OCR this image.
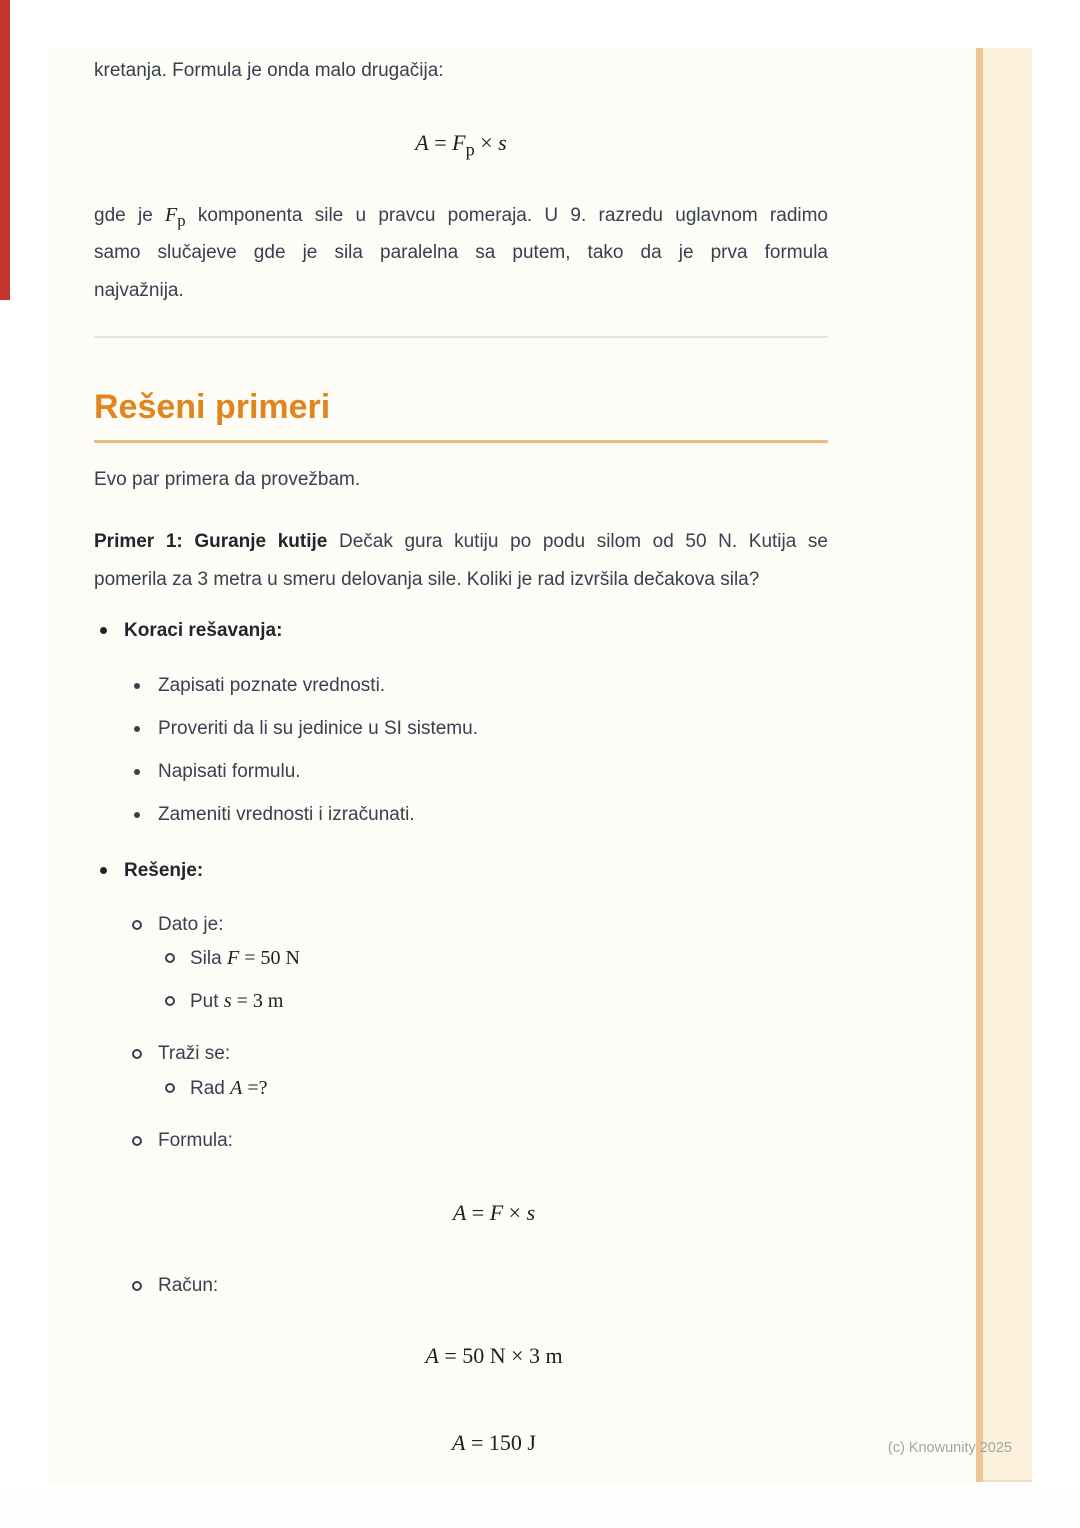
kretanja. Formula je onda malo drugačija:

$A = F_p \times s$
gde je $F_p$ komponenta sile u pravcu pomeraja. U 9. razredu uglavnom radimo
samo slučajeve gde je sila paralelna sa putem, tako da je prva formula
najvažnija.
Rešeni primeri

Evo par primera da provežbam.

Primer 1: Guranje kutije Dečak gura kutiju po podu silom od 50 N. Kutija se
pomerila za 3 metra u smeru delovanja sile. Koliki je rad izvršila dečakova sila?
Koraci rešavanja:
Zapisati poznate vrednosti.
Proveriti da li su jedinice u SI sistemu.
Napisati formulu.
Zameniti vrednosti i izračunati.
Rešenje:
Dato je:
Sila F = 50 N
Put s = 3 m
Traži se:
Rad A =?
Formula:
A = F × s
Račun:
A = 50 N × 3 m
A = 150 J	(c) Knowunity 2025
